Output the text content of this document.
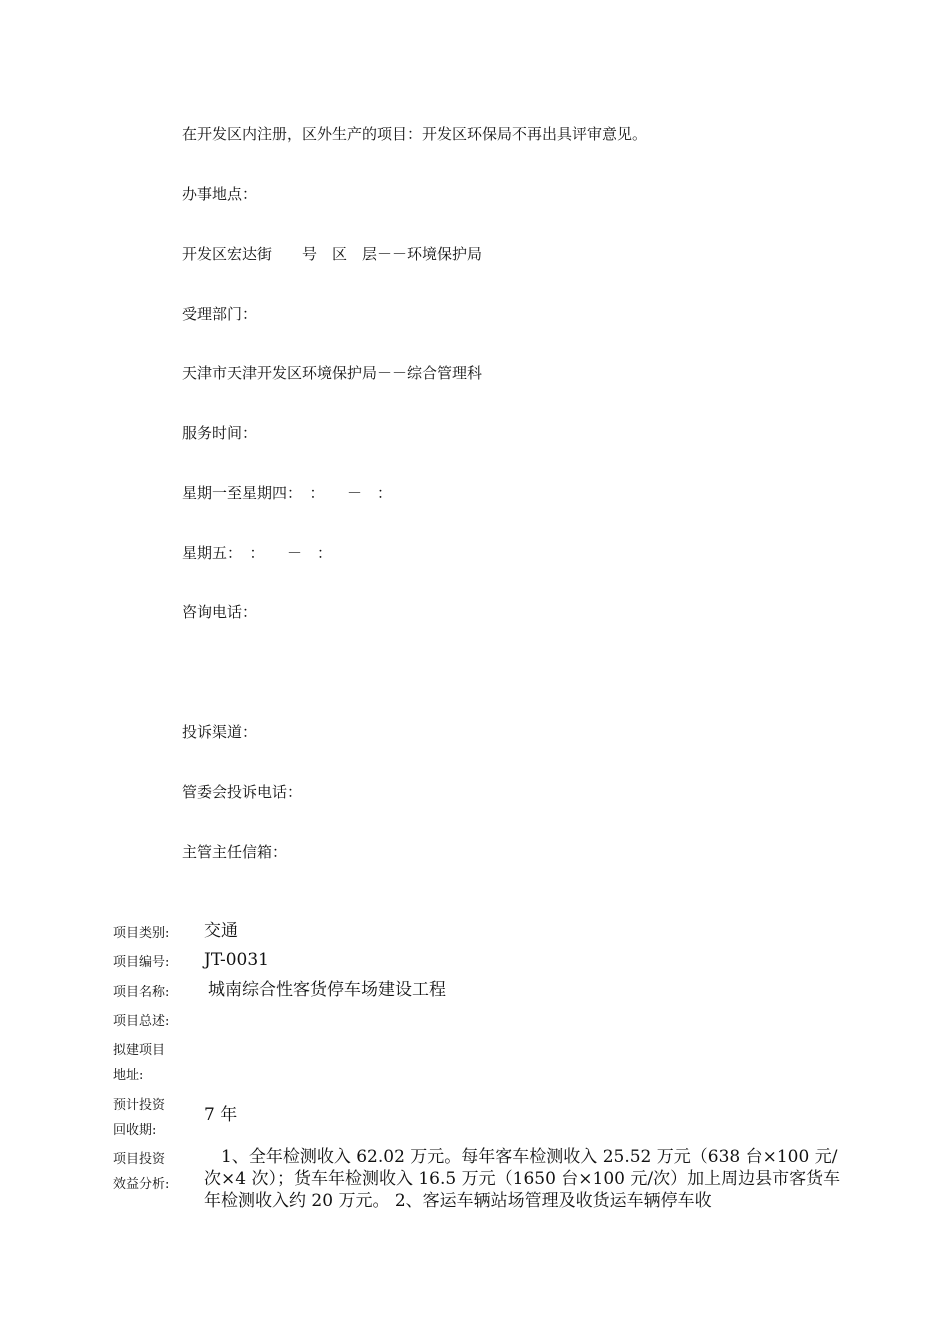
在开发区内注册，区外生产的项目：开发区环保局不再出具评审意见。

办事地点：

开发区宏达街　　号　区　层－－环境保护局

受理部门：

天津市天津开发区环境保护局－－综合管理科

服务时间：

星期一至星期四：　：　　－　：

星期五：　：　　－　：

咨询电话：

投诉渠道：

管委会投诉电话：

主管主任信箱：

项目类别:	交通
项目编号:	JT-0031
项目名称:	城南综合性客货停车场建设工程
项目总述:
拟建项目
地址:
预计投资
回收期:
7 年
项目投资
效益分析:
　1、全年检测收入 62.02 万元。每年客车检测收入 25.52 万元（638 台×100 元/次×4 次）；货车年检测收入 16.5 万元（1650 台×100 元/次）加上周边县市客货车年检测收入约 20 万元。 2、客运车辆站场管理及收货运车辆停车收
